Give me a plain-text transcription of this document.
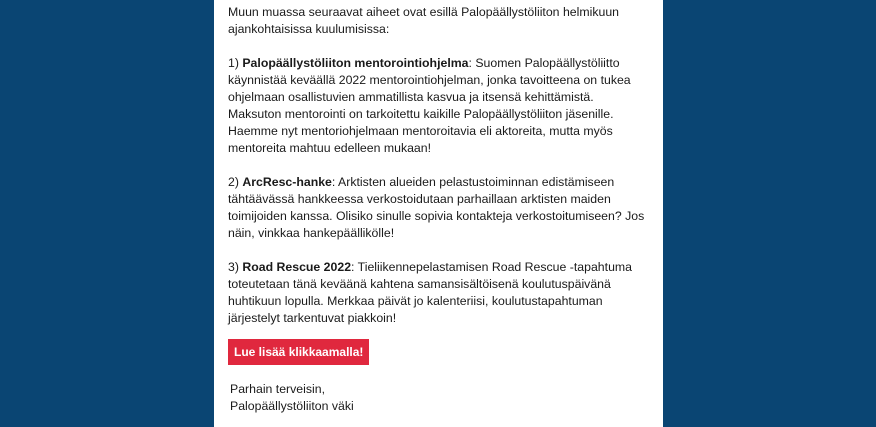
Muun muassa seuraavat aiheet ovat esillä Palopäällystöliiton helmikuun ajankohtaisissa kuulumisissa:

1) Palopäällystöliiton mentorointiohjelma: Suomen Palopäällystöliitto käynnistää keväällä 2022 mentorointiohjelman, jonka tavoitteena on tukea ohjelmaan osallistuvien ammatillista kasvua ja itsensä kehittämistä. Maksuton mentorointi on tarkoitettu kaikille Palopäällystöliiton jäsenille. Haemme nyt mentoriohjelmaan mentoroitavia eli aktoreita, mutta myös mentoreita mahtuu edelleen mukaan!

2) ArcResc-hanke: Arktisten alueiden pelastustoiminnan edistämiseen tähtäävässä hankkeessa verkostoidutaan parhaillaan arktisten maiden toimijoiden kanssa. Olisiko sinulle sopivia kontakteja verkostoitumiseen? Jos näin, vinkkaa hankepäällikölle!

3) Road Rescue 2022: Tieliikennepelastamisen Road Rescue -tapahtuma toteutetaan tänä keväänä kahtena samansisältöisenä koulutuspäivänä huhtikuun lopulla. Merkkaa päivät jo kalenteriisi, koulutustapahtuman järjestelyt tarkentuvat piakkoin!

Lue lisää klikkaamalla!

Parhain terveisin,

Palopäällystöliiton väki
